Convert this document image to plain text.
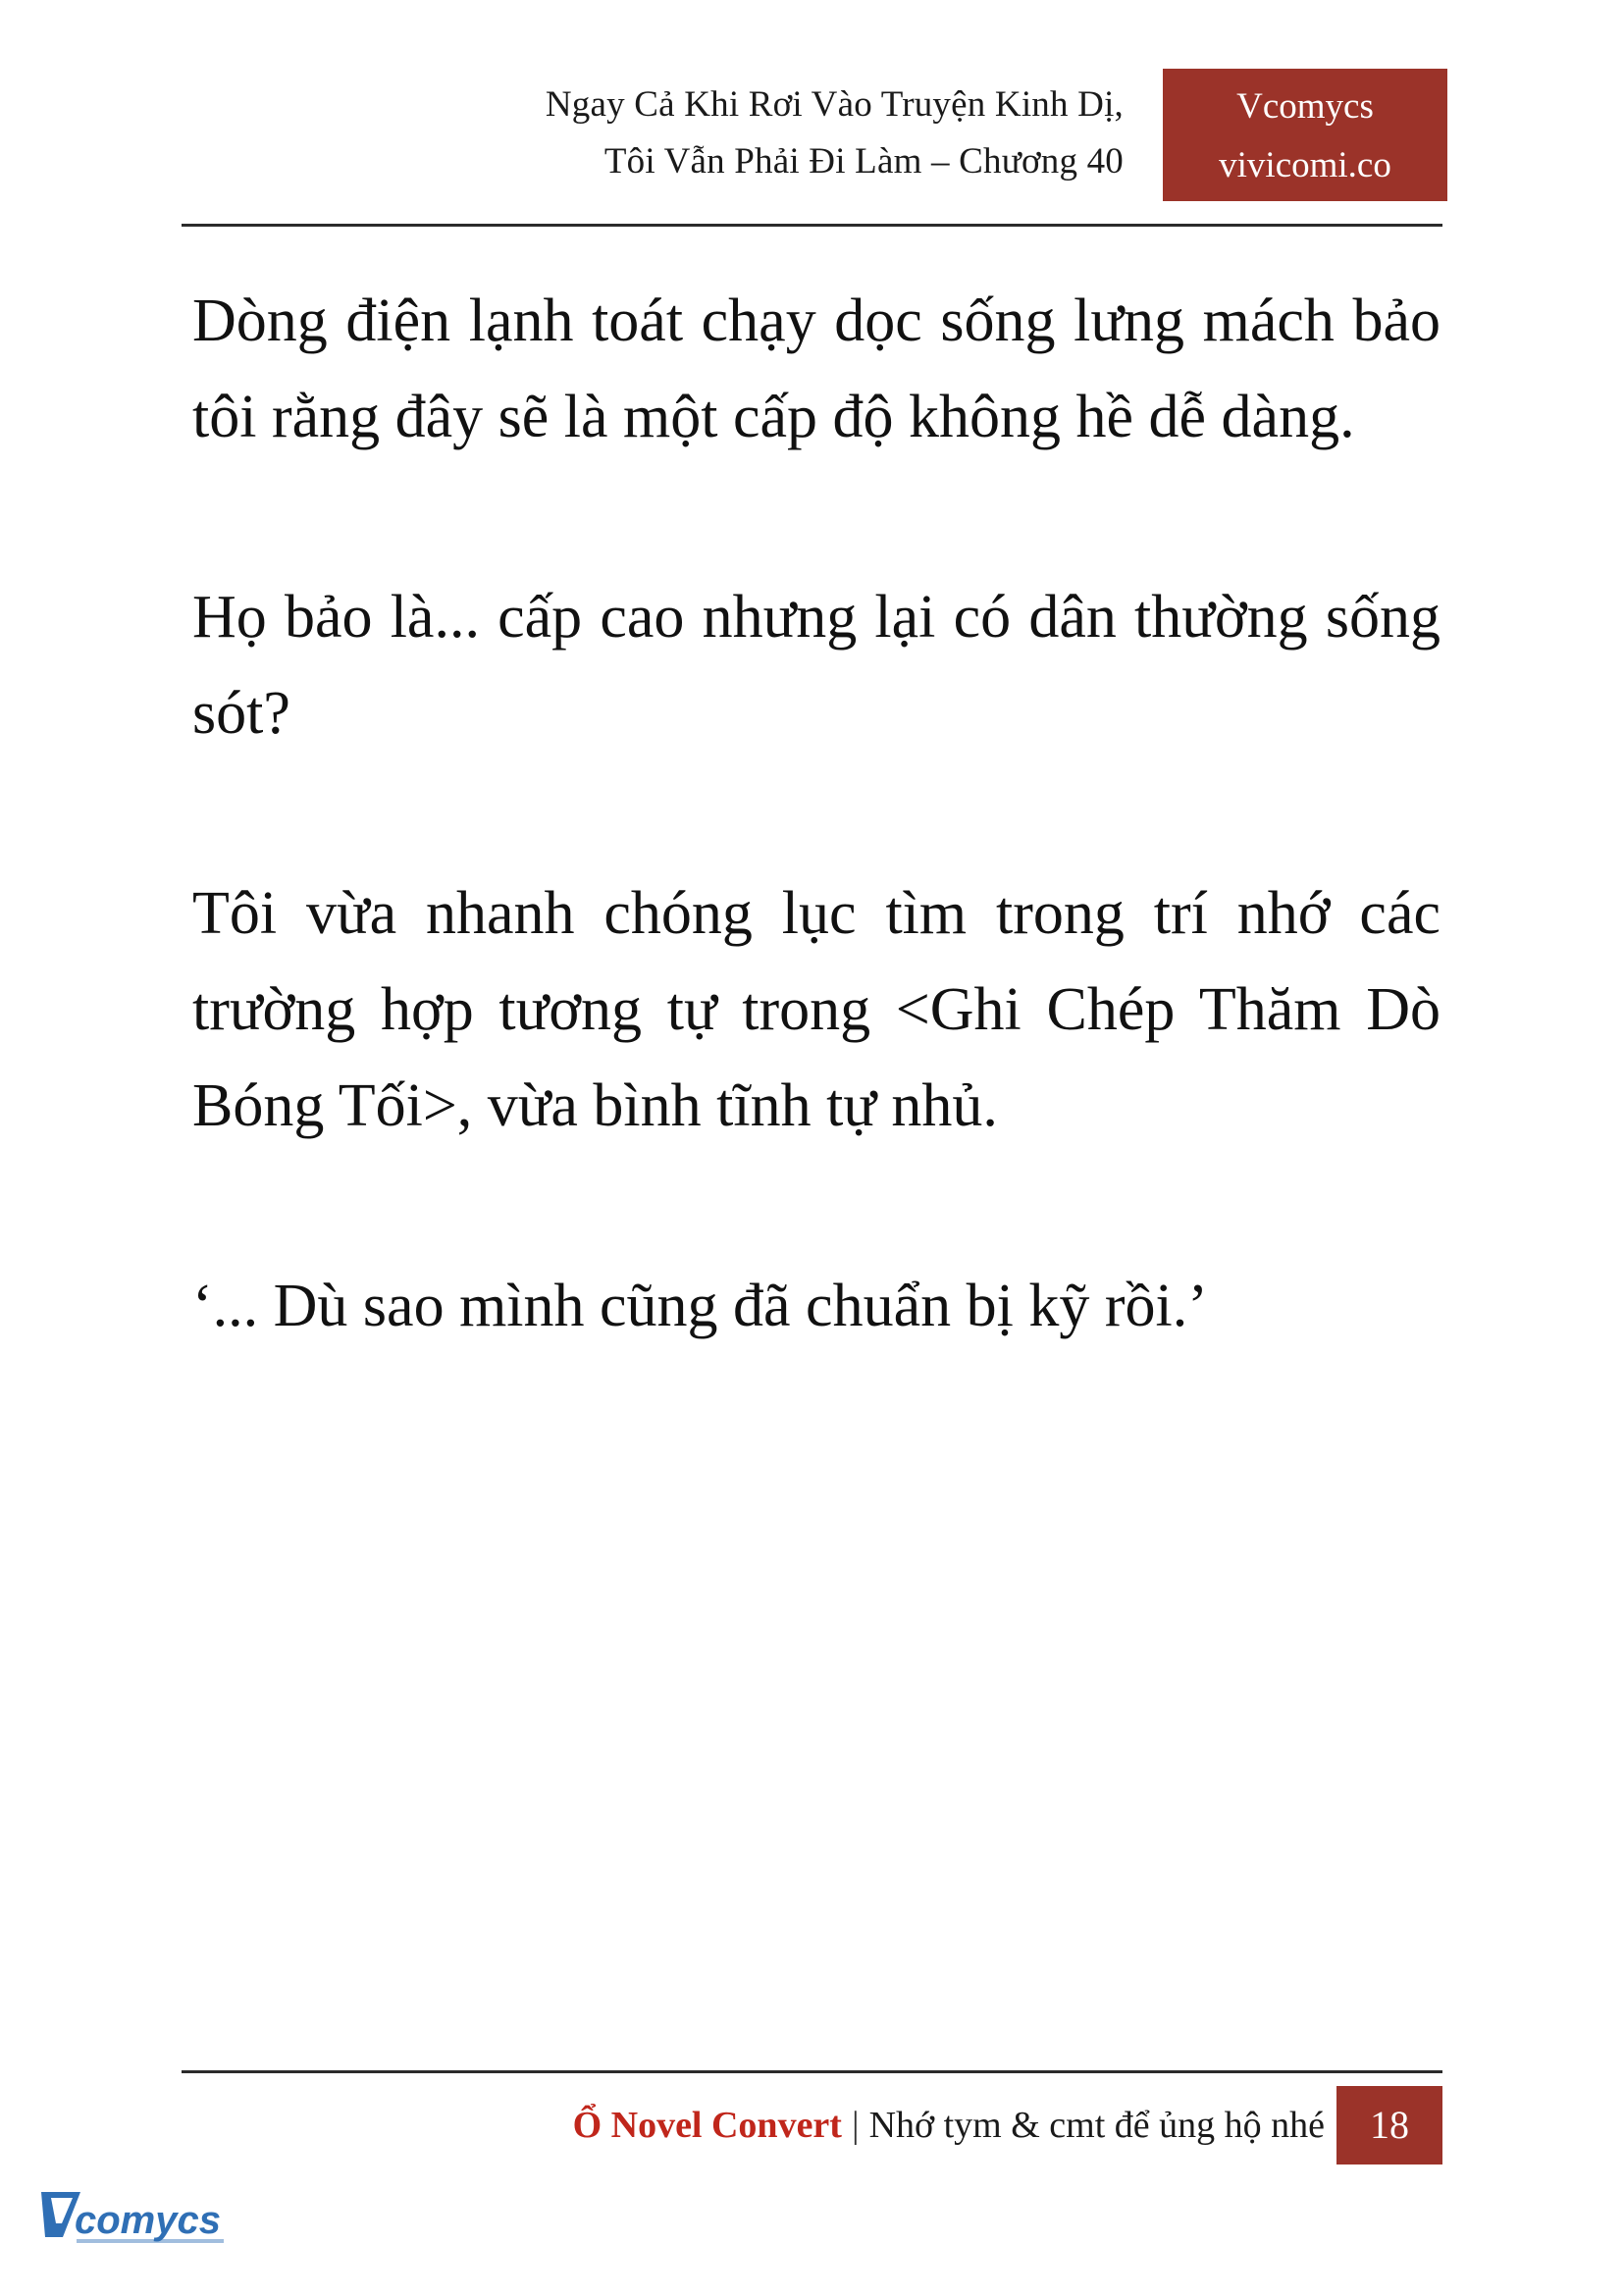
Ngay Cả Khi Rơi Vào Truyện Kinh Dị,
Tôi Vẫn Phải Đi Làm – Chương 40
Vcomycs
vivicomi.co

Dòng điện lạnh toát chạy dọc sống lưng mách bảo tôi rằng đây sẽ là một cấp độ không hề dễ dàng.

Họ bảo là... cấp cao nhưng lại có dân thường sống sót?

Tôi vừa nhanh chóng lục tìm trong trí nhớ các trường hợp tương tự trong <Ghi Chép Thăm Dò Bóng Tối>, vừa bình tĩnh tự nhủ.

‘... Dù sao mình cũng đã chuẩn bị kỹ rồi.’

Ổ Novel Convert | Nhớ tym & cmt để ủng hộ nhé	18
comycs
